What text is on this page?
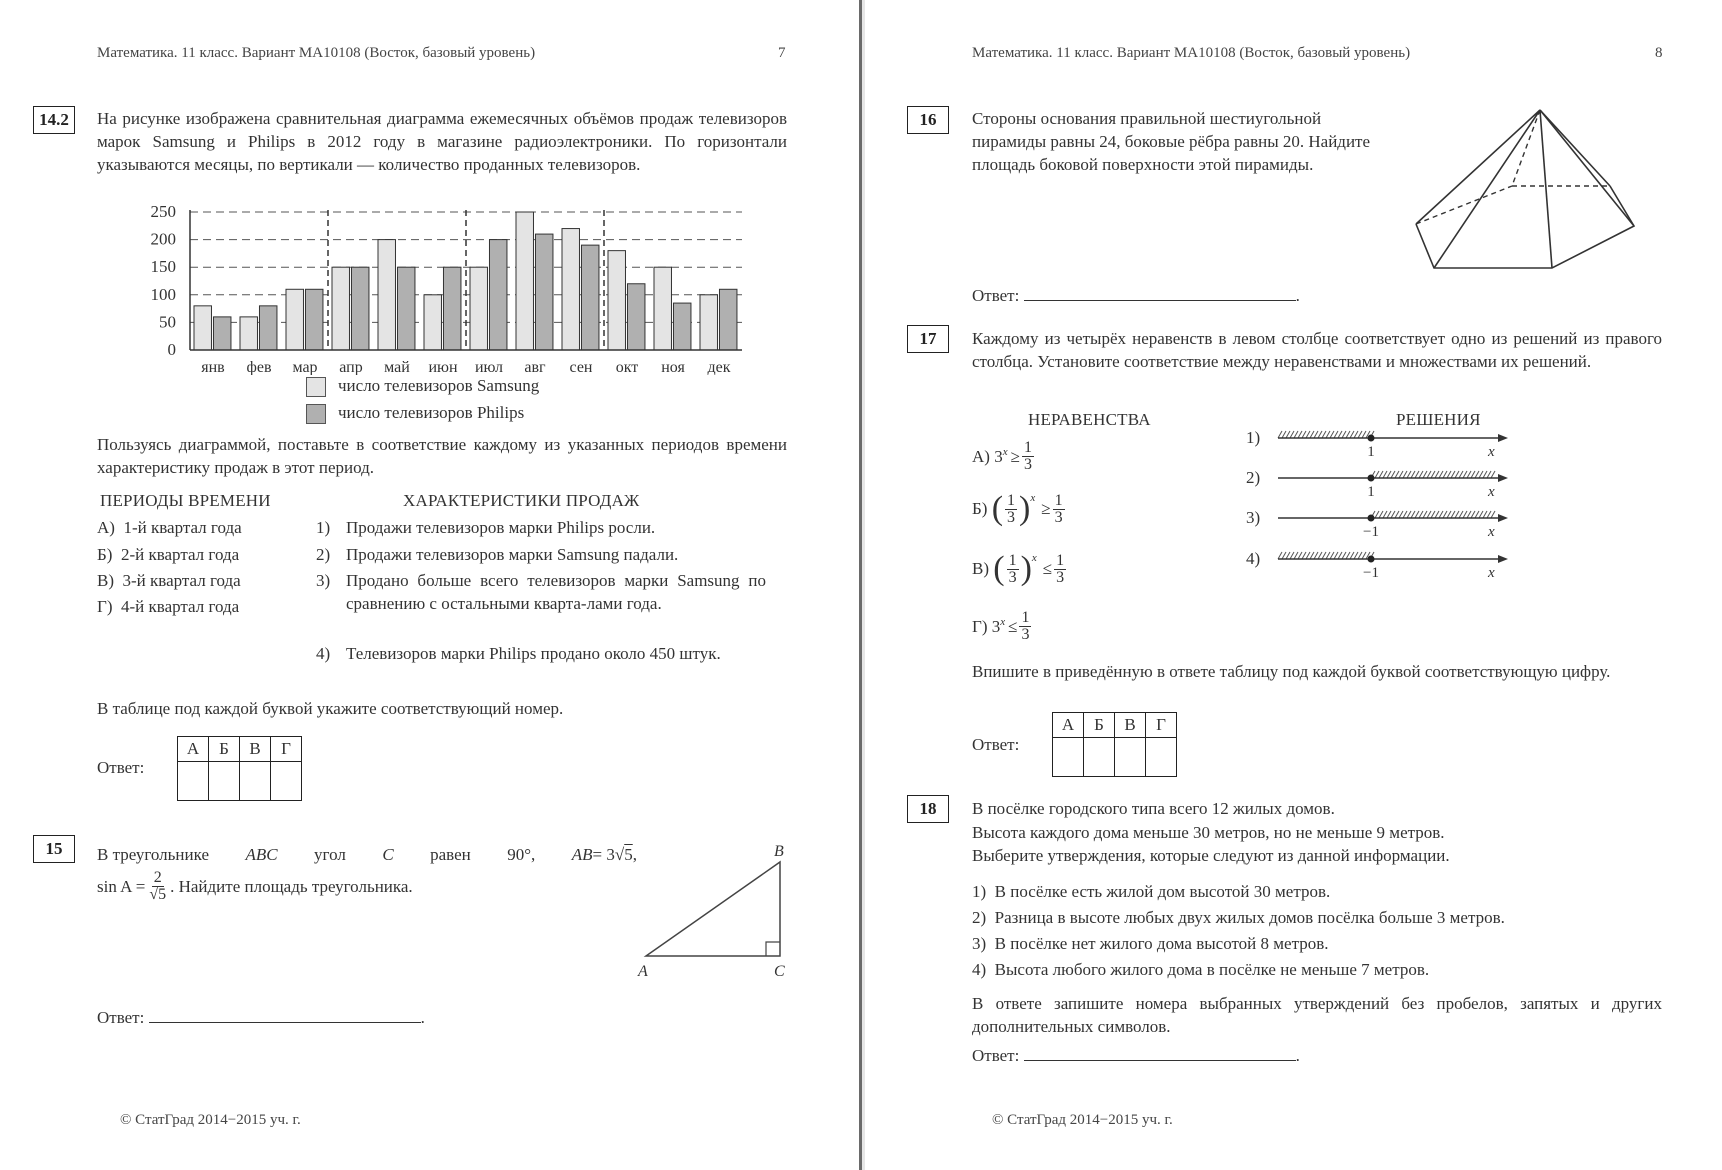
Математика. 11 класс. Вариант МА10108 (Восток, базовый уровень)	7
14.2	На рисунке изображена сравнительная диаграмма ежемесячных объёмов продаж телевизоров марок Samsung и Philips в 2012 году в магазине радиоэлектроники. По горизонтали указываются месяцы, по вертикали — количество проданных телевизоров.
0
50
100
150
200
250
янв фев мар апр май июн июл авг сен окт ноя дек
число телевизоров Samsung
число телевизоров Philips
Пользуясь диаграммой, поставьте в соответствие каждому из указанных периодов времени характеристику продаж в этот период.
ПЕРИОДЫ ВРЕМЕНИ	ХАРАКТЕРИСТИКИ ПРОДАЖ
А) 1-й квартал года
Б) 2-й квартал года
В) 3-й квартал года
Г) 4-й квартал года
1) Продажи телевизоров марки Philips росли.
2) Продажи телевизоров марки Samsung падали.
3) Продано больше всего телевизоров марки Samsung по сравнению с остальными кварта-лами года.
4) Телевизоров марки Philips продано около 450 штук.
В таблице под каждой буквой укажите соответствующий номер.
Ответ:
А	Б	В	Г

15	В треугольнике ABC угол C равен 90°, AB= 3√5,
$\sin A = \frac{2}{√5}$ . Найдите площадь треугольника.
A
B
C
Ответ:	.
© СтатГрад 2014−2015 уч. г.
Математика. 11 класс. Вариант МА10108 (Восток, базовый уровень)	8
16	Стороны основания правильной шестиугольной пирамиды равны 24, боковые рёбра равны 20. Найдите площадь боковой поверхности этой пирамиды.
Ответ:	.
17	Каждому из четырёх неравенств в левом столбце соответствует одно из решений из правого столбца. Установите соответствие между неравенствами и множествами их решений.
НЕРАВЕНСТВА	РЕШЕНИЯ
А)
$3^x \ge \frac{1}{3}$
Б)
( $\frac{1}{3} )^x$
≥ $\frac{1}{3}$
В)
( $\frac{1}{3} )^x$
≤ $\frac{1}{3}$
Г)
$3^x \le \frac{1}{3}$
1)
1	x
2)
1	x
3)
−1	x
4)
−1	x
Впишите в приведённую в ответе таблицу под каждой буквой соответствующую цифру.
Ответ:
А	Б	В	Г

18	В посёлке городского типа всего 12 жилых домов.
Высота каждого дома меньше 30 метров, но не меньше 9 метров.
Выберите утверждения, которые следуют из данной информации.
1) В посёлке есть жилой дом высотой 30 метров.
2) Разница в высоте любых двух жилых домов посёлка больше 3 метров.
3) В посёлке нет жилого дома высотой 8 метров.
4) Высота любого жилого дома в посёлке не меньше 7 метров.
В ответе запишите номера выбранных утверждений без пробелов, запятых и других дополнительных символов.
Ответ:	.
© СтатГрад 2014−2015 уч. г.
